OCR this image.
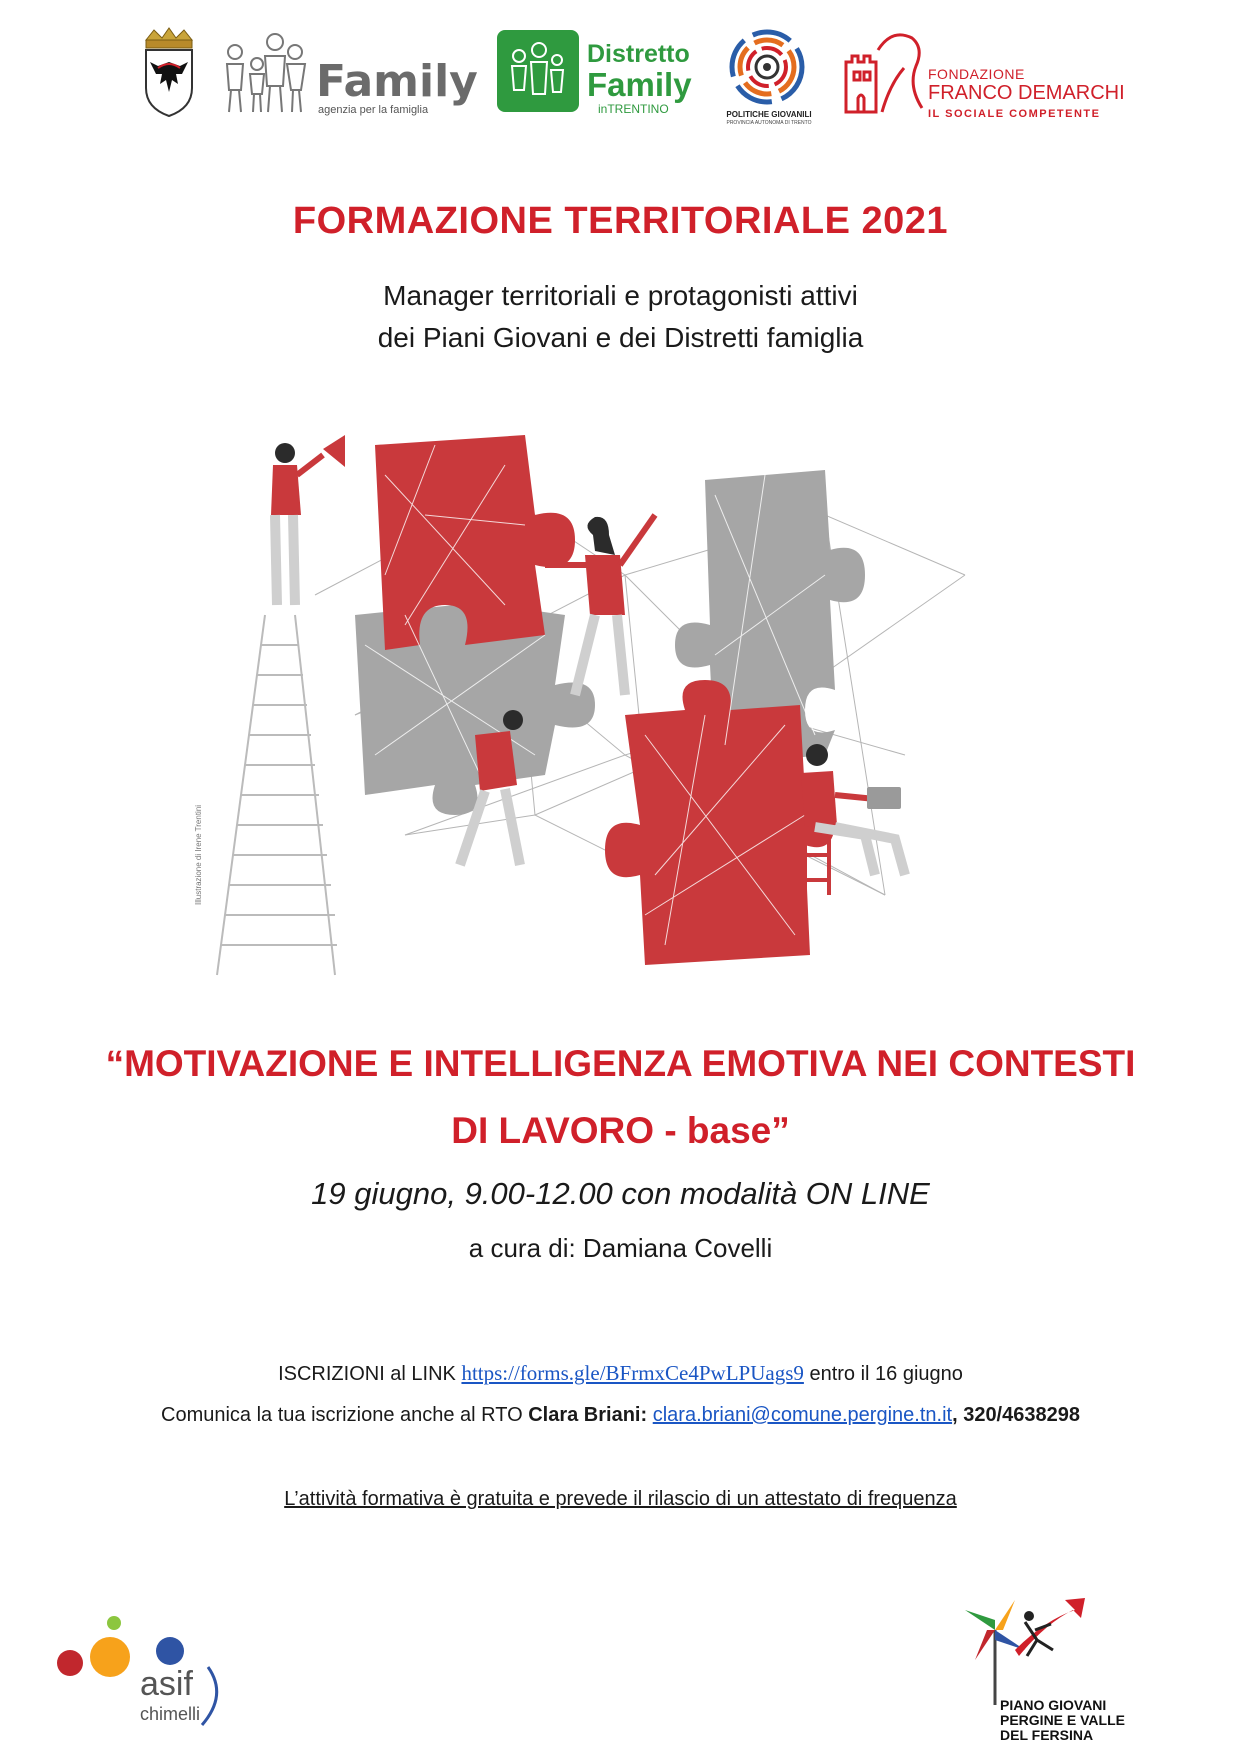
Family
agenzia per la famiglia
Distretto
Family
inTRENTINO	POLITICHE GIOVANILI
PROVINCIA AUTONOMA DI TRENTO
FONDAZIONE
FRANCO DEMARCHI
IL SOCIALE COMPETENTE
FORMAZIONE TERRITORIALE 2021
Manager territoriali e protagonisti attivi
dei Piani Giovani e dei Distretti famiglia
Illustrazione di Irene Trentini
“MOTIVAZIONE E INTELLIGENZA EMOTIVA NEI CONTESTI
DI LAVORO - base”
19 giugno, 9.00-12.00 con modalità ON LINE
a cura di: Damiana Covelli
ISCRIZIONI al LINK https://forms.gle/BFrmxCe4PwLPUags9 entro il 16 giugno
Comunica la tua iscrizione anche al RTO Clara Briani: clara.briani@comune.pergine.tn.it, 320/4638298
L’attività formativa è gratuita e prevede il rilascio di un attestato di frequenza
asif
chimelli	PIANO GIOVANI
PERGINE E VALLE
DEL FERSINA
